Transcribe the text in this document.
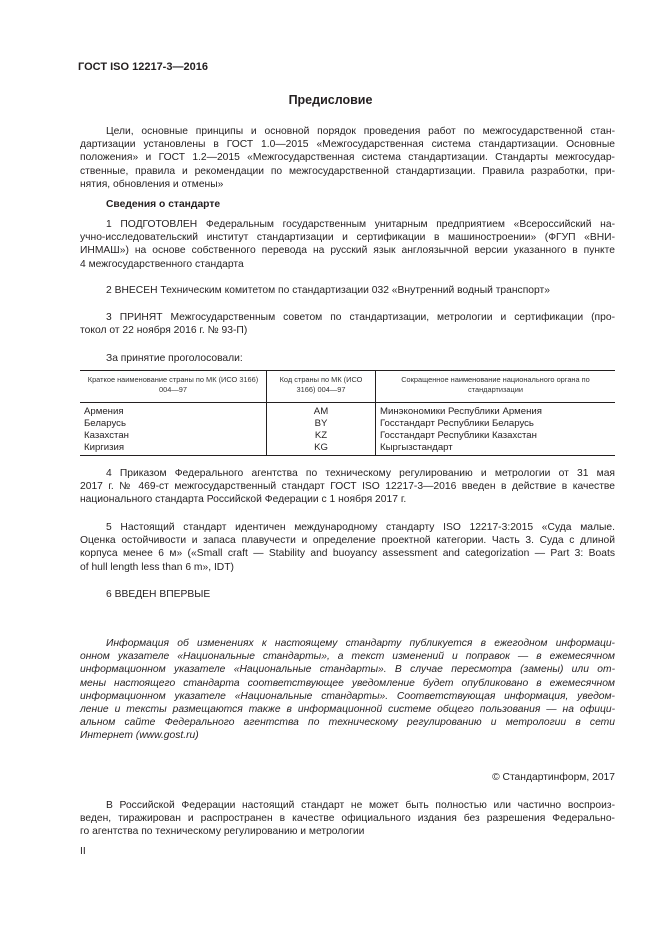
ГОСТ ISO 12217-3—2016
Предисловие
Цели, основные принципы и основной порядок проведения работ по межгосударственной стан-
дартизации установлены в ГОСТ 1.0—2015 «Межгосударственная система стандартизации. Основные
положения» и ГОСТ 1.2—2015 «Межгосударственная система стандартизации. Стандарты межгосудар-
ственные, правила и рекомендации по межгосударственной стандартизации. Правила разработки, при-
нятия, обновления и отмены»
Сведения о стандарте
1 ПОДГОТОВЛЕН Федеральным государственным унитарным предприятием «Всероссийский на-
учно-исследовательский институт стандартизации и сертификации в машиностроении» (ФГУП «ВНИ-
ИНМАШ») на основе собственного перевода на русский язык англоязычной версии указанного в пункте
4 межгосударственного стандарта
2 ВНЕСЕН Техническим комитетом по стандартизации 032 «Внутренний водный транспорт»
3 ПРИНЯТ Межгосударственным советом по стандартизации, метрологии и сертификации (про-
токол от 22 ноября 2016 г. № 93-П)
За принятие проголосовали:
Краткое наименование страны по МК (ИСО 3166) 004—97	Код страны по МК (ИСО 3166) 004—97	Сокращенное наименование национального органа по стандартизации
Армения	AM	Минэкономики Республики Армения
Беларусь	BY	Госстандарт Республики Беларусь
Казахстан	KZ	Госстандарт Республики Казахстан
Киргизия	KG	Кыргызстандарт
4 Приказом Федерального агентства по техническому регулированию и метрологии от 31 мая
2017 г. № 469-ст межгосударственный стандарт ГОСТ ISO 12217-3—2016 введен в действие в качестве
национального стандарта Российской Федерации с 1 ноября 2017 г.
5 Настоящий стандарт идентичен международному стандарту ISO 12217-3:2015 «Суда малые.
Оценка остойчивости и запаса плавучести и определение проектной категории. Часть 3. Суда с длиной
корпуса менее 6 м» («Small craft — Stability and buoyancy assessment and categorization — Part 3: Boats
of hull length less than 6 m», IDT)
6 ВВЕДЕН ВПЕРВЫЕ
Информация об изменениях к настоящему стандарту публикуется в ежегодном информаци-
онном указателе «Национальные стандарты», а текст изменений и поправок — в ежемесячном
информационном указателе «Национальные стандарты». В случае пересмотра (замены) или от-
мены настоящего стандарта соответствующее уведомление будет опубликовано в ежемесячном
информационном указателе «Национальные стандарты». Соответствующая информация, уведом-
ление и тексты размещаются также в информационной системе общего пользования — на офици-
альном сайте Федерального агентства по техническому регулированию и метрологии в сети
Интернет (www.gost.ru)
© Стандартинформ, 2017
В Российской Федерации настоящий стандарт не может быть полностью или частично воспроиз-
веден, тиражирован и распространен в качестве официального издания без разрешения Федерально-
го агентства по техническому регулированию и метрологии
II
